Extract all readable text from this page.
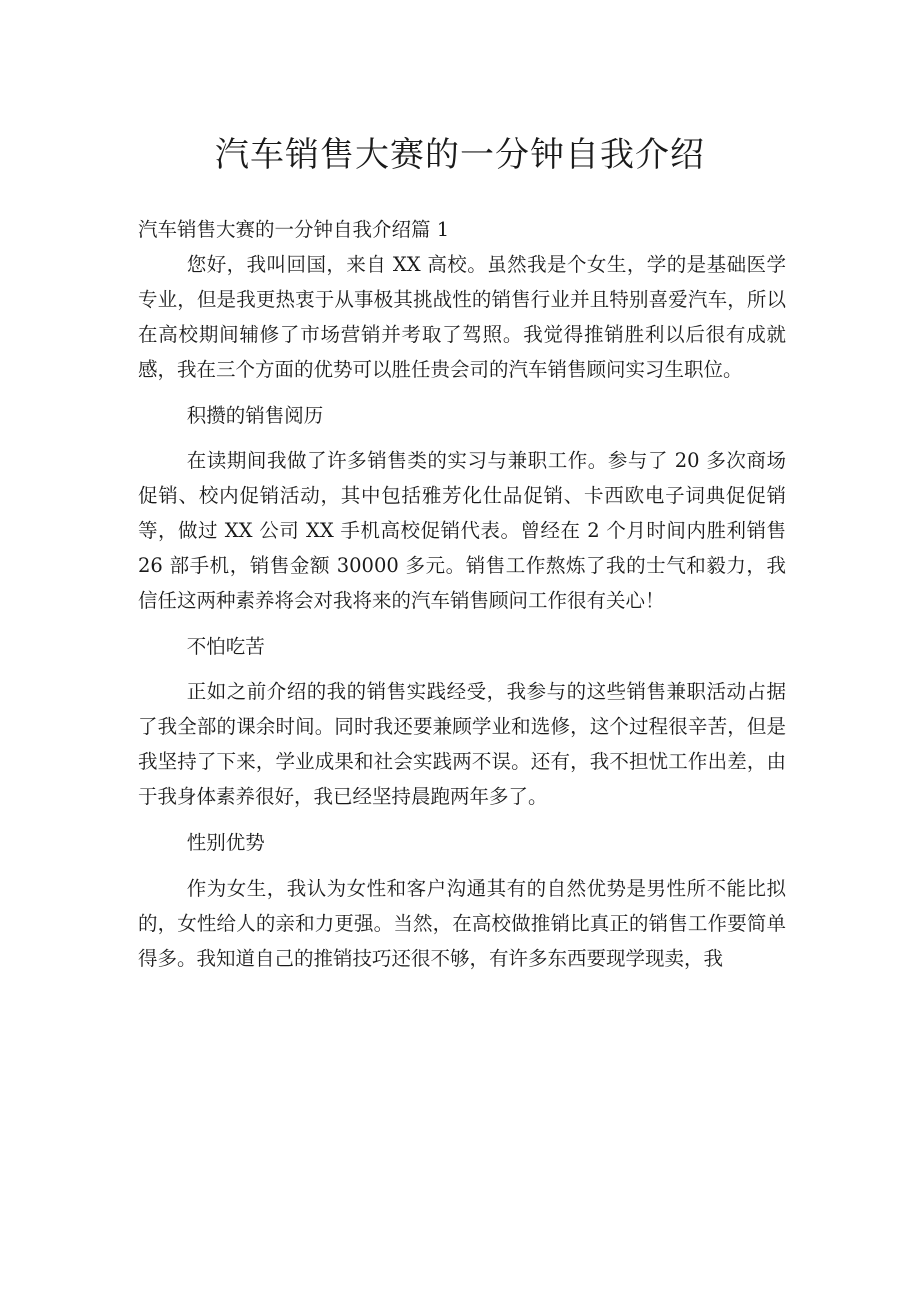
汽车销售大赛的一分钟自我介绍

汽车销售大赛的一分钟自我介绍篇 1

您好，我叫回国，来自 XX 高校。虽然我是个女生，学的是基础医学专业，但是我更热衷于从事极其挑战性的销售行业并且特别喜爱汽车，所以在高校期间辅修了市场营销并考取了驾照。我觉得推销胜利以后很有成就感，我在三个方面的优势可以胜任贵会司的汽车销售顾问实习生职位。

积攒的销售阅历

在读期间我做了许多销售类的实习与兼职工作。参与了 20 多次商场促销、校内促销活动，其中包括雅芳化仕品促销、卡西欧电子词典促促销等，做过 XX 公司 XX 手机高校促销代表。曾经在 2 个月时间内胜利销售 26 部手机，销售金额 30000 多元。销售工作熬炼了我的士气和毅力，我信任这两种素养将会对我将来的汽车销售顾问工作很有关心！

不怕吃苦

正如之前介绍的我的销售实践经受，我参与的这些销售兼职活动占据了我全部的课余时间。同时我还要兼顾学业和选修，这个过程很辛苦，但是我坚持了下来，学业成果和社会实践两不误。还有，我不担忧工作出差，由于我身体素养很好，我已经坚持晨跑两年多了。

性别优势

作为女生，我认为女性和客户沟通其有的自然优势是男性所不能比拟的，女性给人的亲和力更强。当然，在高校做推销比真正的销售工作要简单得多。我知道自己的推销技巧还很不够，有许多东西要现学现卖，我
